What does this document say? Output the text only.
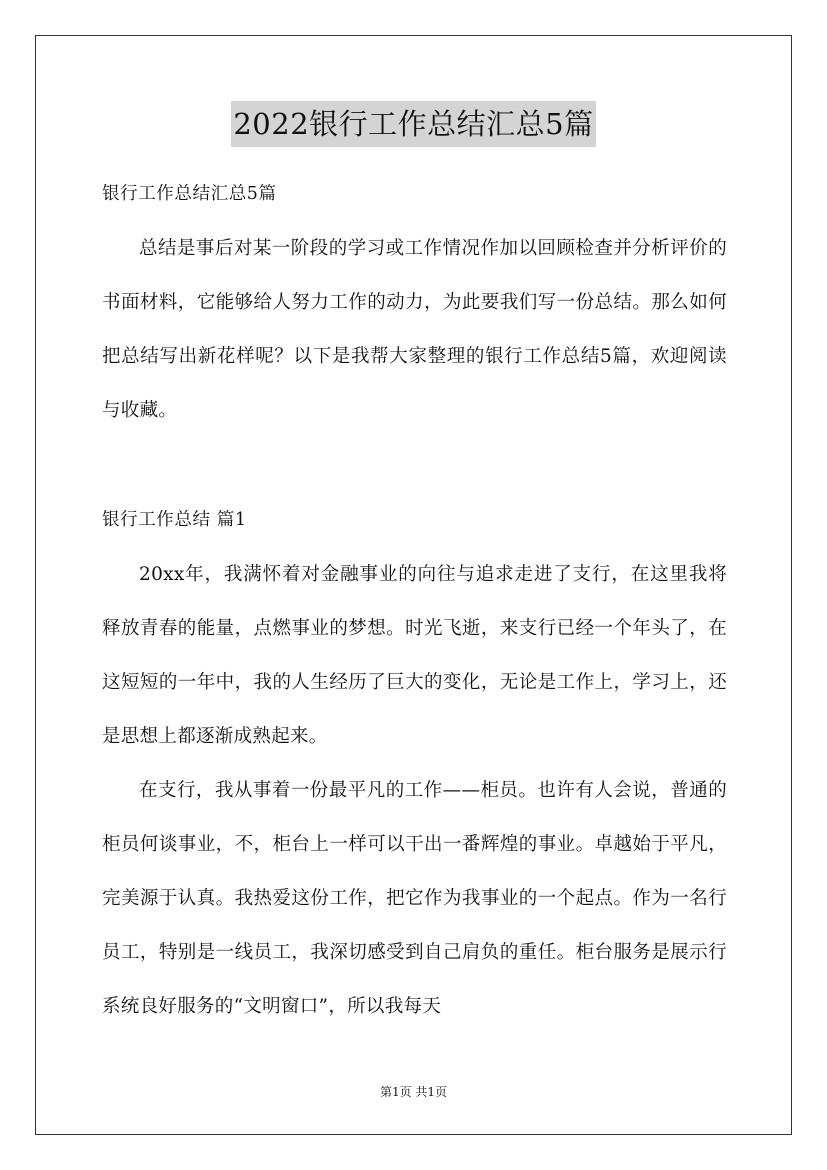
2022银行工作总结汇总5篇
银行工作总结汇总5篇

总结是事后对某一阶段的学习或工作情况作加以回顾检查并分析评价的书面材料，它能够给人努力工作的动力，为此要我们写一份总结。那么如何把总结写出新花样呢？以下是我帮大家整理的银行工作总结5篇，欢迎阅读与收藏。

银行工作总结 篇1

20xx年，我满怀着对金融事业的向往与追求走进了支行，在这里我将释放青春的能量，点燃事业的梦想。时光飞逝，来支行已经一个年头了，在这短短的一年中，我的人生经历了巨大的变化，无论是工作上，学习上，还是思想上都逐渐成熟起来。

在支行，我从事着一份最平凡的工作——柜员。也许有人会说，普通的柜员何谈事业，不，柜台上一样可以干出一番辉煌的事业。卓越始于平凡，完美源于认真。我热爱这份工作，把它作为我事业的一个起点。作为一名行员工，特别是一线员工，我深切感受到自己肩负的重任。柜台服务是展示行系统良好服务的“文明窗口”，所以我每天

第1页 共1页
